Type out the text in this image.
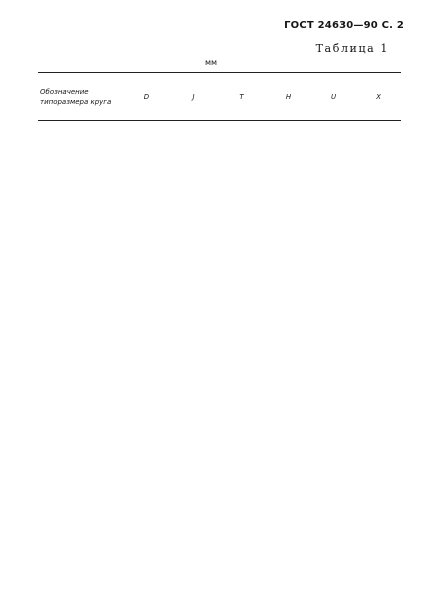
ГОСТ 24630—90 С. 2
Таблица 1
мм
Обозначение
типоразмера круга	D	J	T	H	U	X
